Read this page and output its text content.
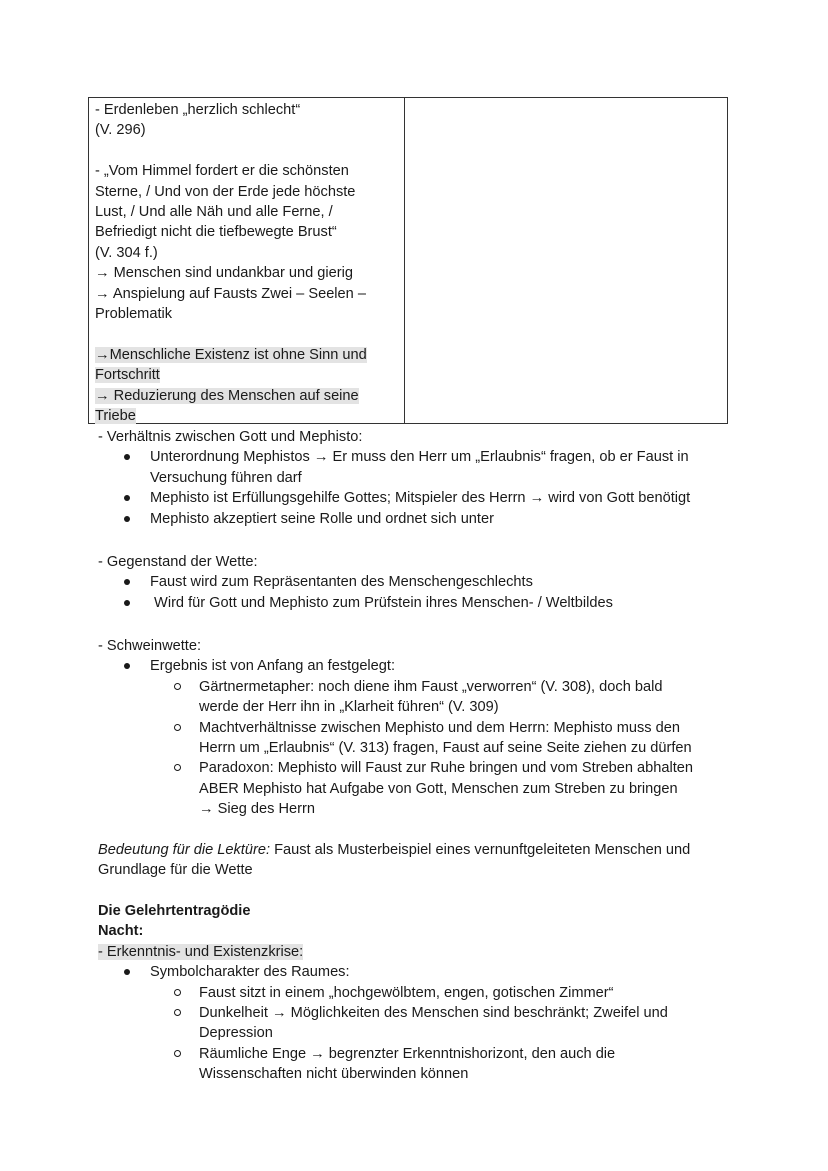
- Erdenleben „herzlich schlecht“
(V. 296)
- „Vom Himmel fordert er die schönsten
Sterne, / Und von der Erde jede höchste
Lust, / Und alle Näh und alle Ferne, /
Befriedigt nicht die tiefbewegte Brust“
(V. 304 f.)
→ Menschen sind undankbar und gierig
→ Anspielung auf Fausts Zwei – Seelen –
Problematik
→Menschliche Existenz ist ohne Sinn und
Fortschritt
→ Reduzierung des Menschen auf seine
Triebe
- Verhältnis zwischen Gott und Mephisto:
Unterordnung Mephistos → Er muss den Herr um „Erlaubnis“ fragen, ob er Faust in
Versuchung führen darf
Mephisto ist Erfüllungsgehilfe Gottes; Mitspieler des Herrn → wird von Gott benötigt
Mephisto akzeptiert seine Rolle und ordnet sich unter
- Gegenstand der Wette:
Faust wird zum Repräsentanten des Menschengeschlechts
Wird für Gott und Mephisto zum Prüfstein ihres Menschen- / Weltbildes
- Schweinwette:
Ergebnis ist von Anfang an festgelegt:
Gärtnermetapher: noch diene ihm Faust „verworren“ (V. 308), doch bald
werde der Herr ihn in „Klarheit führen“ (V. 309)
Machtverhältnisse zwischen Mephisto und dem Herrn: Mephisto muss den
Herrn um „Erlaubnis“ (V. 313) fragen, Faust auf seine Seite ziehen zu dürfen
Paradoxon: Mephisto will Faust zur Ruhe bringen und vom Streben abhalten
ABER Mephisto hat Aufgabe von Gott, Menschen zum Streben zu bringen
→ Sieg des Herrn
Bedeutung für die Lektüre: Faust als Musterbeispiel eines vernunftgeleiteten Menschen und
Grundlage für die Wette
Die Gelehrtentragödie
Nacht:
- Erkenntnis- und Existenzkrise:
Symbolcharakter des Raumes:
Faust sitzt in einem „hochgewölbtem, engen, gotischen Zimmer“
Dunkelheit → Möglichkeiten des Menschen sind beschränkt; Zweifel und
Depression
Räumliche Enge → begrenzter Erkenntnishorizont, den auch die
Wissenschaften nicht überwinden können
